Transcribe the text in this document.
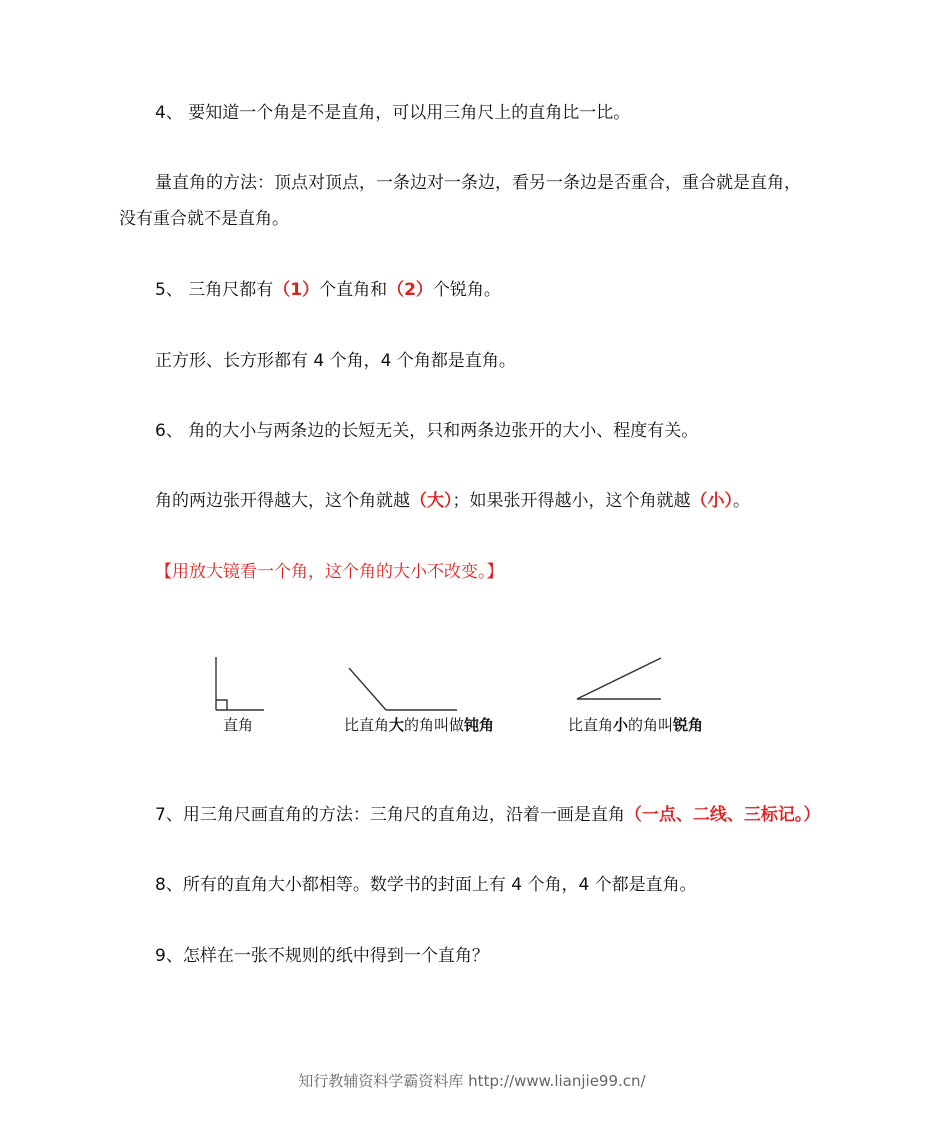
4、 要知道一个角是不是直角，可以用三角尺上的直角比一比。
量直角的方法：顶点对顶点，一条边对一条边，看另一条边是否重合，重合就是直角，
没有重合就不是直角。
5、 三角尺都有（1）个直角和（2）个锐角。
正方形、长方形都有 4 个角，4 个角都是直角。
6、 角的大小与两条边的长短无关，只和两条边张开的大小、程度有关。
角的两边张开得越大，这个角就越（大）；如果张开得越小，这个角就越（小）。
【用放大镜看一个角，这个角的大小不改变。】
直角	比直角大的角叫做钝角	比直角小的角叫锐角
7、用三角尺画直角的方法：三角尺的直角边，沿着一画是直角（一点、二线、三标记。）
8、所有的直角大小都相等。数学书的封面上有 4 个角，4 个都是直角。
9、怎样在一张不规则的纸中得到一个直角？
知行教辅资料学霸资料库 http://www.lianjie99.cn/
